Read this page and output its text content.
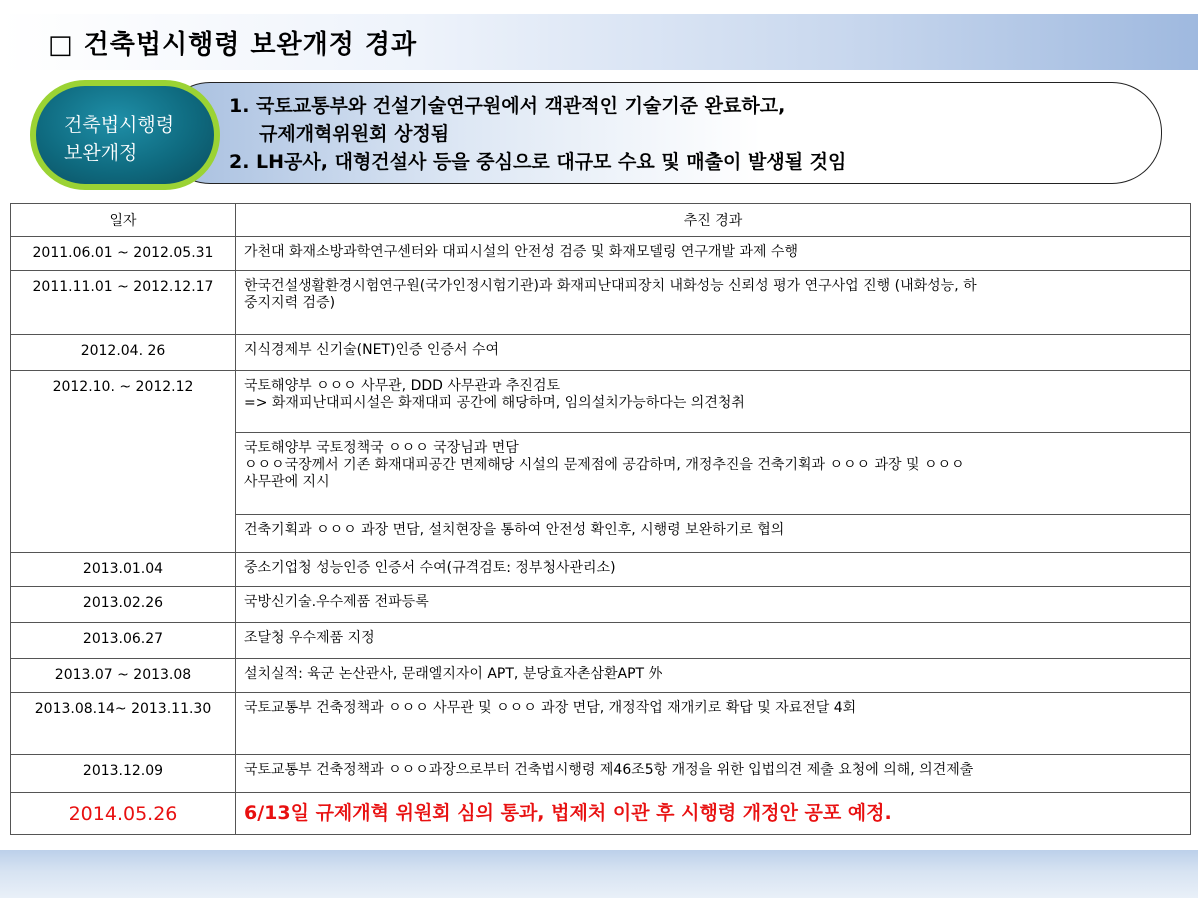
□ 건축법시행령 보완개정 경과
1. 국토교통부와 건설기술연구원에서 객관적인 기술기준 완료하고,
규제개혁위원회 상정됨
2. LH공사, 대형건설사 등을 중심으로 대규모 수요 및 매출이 발생될 것임
건축법시행령
보완개정
일자	추진 경과
2011.06.01 ~ 2012.05.31	가천대 화재소방과학연구센터와 대피시설의 안전성 검증 및 화재모델링 연구개발 과제 수행

2011.11.01 ~ 2012.12.17	한국건설생활환경시험연구원(국가인정시험기관)과 화재피난대피장치 내화성능 신뢰성 평가 연구사업 진행 (내화성능, 하
중지지력 검증)

2012.04. 26	지식경제부 신기술(NET)인증 인증서 수여

2012.10. ~ 2012.12	국토해양부 ㅇㅇㅇ 사무관, DDD 사무관과 추진검토
=> 화재피난대피시설은 화재대피 공간에 해당하며, 임의설치가능하다는 의견청취

	국토해양부 국토정책국 ㅇㅇㅇ 국장님과 면담
ㅇㅇㅇ국장께서 기존 화재대피공간 면제해당 시설의 문제점에 공감하며, 개정추진을 건축기획과 ㅇㅇㅇ 과장 및 ㅇㅇㅇ
사무관에 지시

	건축기획과 ㅇㅇㅇ 과장 면담, 설치현장을 통하여 안전성 확인후, 시행령 보완하기로 협의

2013.01.04	중소기업청 성능인증 인증서 수여(규격검토: 정부청사관리소)

2013.02.26	국방신기술.우수제품 전파등록

2013.06.27	조달청 우수제품 지정

2013.07 ~ 2013.08	설치실적: 육군 논산관사, 문래엘지자이 APT, 분당효자촌삼환APT 外

2013.08.14~ 2013.11.30	국토교통부 건축정책과 ㅇㅇㅇ 사무관 및 ㅇㅇㅇ 과장 면담, 개정작업 재개키로 확답 및 자료전달 4회

2013.12.09	국토교통부 건축정책과 ㅇㅇㅇ과장으로부터 건축법시행령 제46조5항 개정을 위한 입법의견 제출 요청에 의해, 의견제출

2014.05.26	6/13일 규제개혁 위원회 심의 통과, 법제처 이관 후 시행령 개정안 공포 예정.
